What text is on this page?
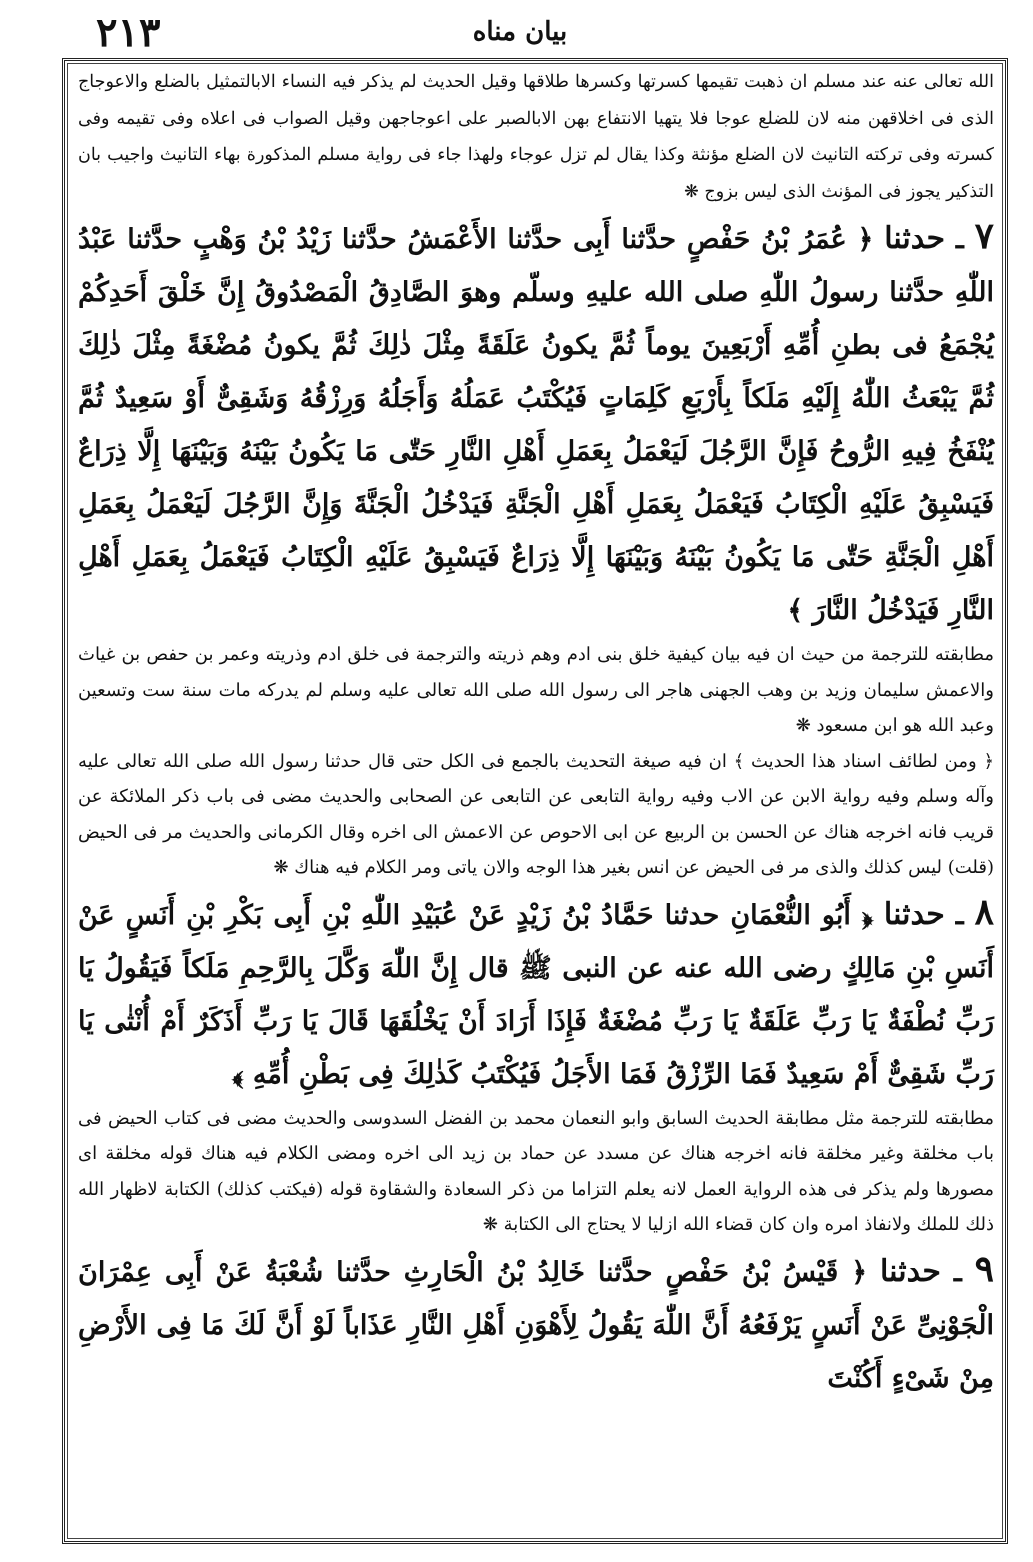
۲۱۳	بیان مناه

الله تعالى عنه عند مسلم ان ذهبت تقيمها كسرتها وكسرها طلاقها وقيل الحديث لم يذكر فيه النساء الابالتمثيل بالضلع والاعوجاج الذى فى اخلاقهن منه لان للضلع عوجا فلا يتهيا الانتفاع بهن الابالصبر على اعوجاجهن وقيل الصواب فى اعلاه وفى تقيمه وفى كسرته وفى تركته التانيث لان الضلع مؤنثة وكذا يقال لم تزل عوجاء ولهذا جاء فى رواية مسلم المذكورة بهاء التانيث واجيب بان التذكير يجوز فى المؤنث الذى ليس بزوج ❋

۷ ـ حدثنا ﴿ عُمَرُ بْنُ حَفْصٍ حدَّثنا أَبِى حدَّثنا الأَعْمَشُ حدَّثنا زَيْدُ بْنُ وَهْبٍ حدَّثنا عَبْدُ اللّٰهِ حدَّثنا رسولُ اللّٰهِ صلى الله عليهِ وسلّم وهوَ الصَّادِقُ الْمَصْدُوقُ إِنَّ خَلْقَ أَحَدِكُمْ يُجْمَعُ فى بطنِ أُمِّهِ أَرْبَعِينَ يوماً ثُمَّ يكونُ عَلَقَةً مِثْلَ ذٰلِكَ ثُمَّ يكونُ مُضْغَةً مِثْلَ ذٰلِكَ ثُمَّ يَبْعَثُ اللّٰهُ إِلَيْهِ مَلَكاً بِأَرْبَعِ كَلِمَاتٍ فَيُكْتَبُ عَمَلُهُ وَأَجَلُهُ وَرِزْقُهُ وَشَقِىٌّ أَوْ سَعِيدٌ ثُمَّ يُنْفَخُ فِيهِ الرُّوحُ فَإِنَّ الرَّجُلَ لَيَعْمَلُ بِعَمَلِ أَهْلِ النَّارِ حَتّٰى مَا يَكُونُ بَيْنَهُ وَبَيْنَهَا إِلَّا ذِرَاعٌ فَيَسْبِقُ عَلَيْهِ الْكِتَابُ فَيَعْمَلُ بِعَمَلِ أَهْلِ الْجَنَّةِ فَيَدْخُلُ الْجَنَّةَ وَإِنَّ الرَّجُلَ لَيَعْمَلُ بِعَمَلِ أَهْلِ الْجَنَّةِ حَتّٰى مَا يَكُونُ بَيْنَهُ وَبَيْنَهَا إِلَّا ذِرَاعٌ فَيَسْبِقُ عَلَيْهِ الْكِتَابُ فَيَعْمَلُ بِعَمَلِ أَهْلِ النَّارِ فَيَدْخُلُ النَّارَ ﴾

مطابقته للترجمة من حيث ان فيه بيان كيفية خلق بنى ادم وهم ذريته والترجمة فى خلق ادم وذريته وعمر بن حفص بن غياث والاعمش سليمان وزيد بن وهب الجهنى هاجر الى رسول الله صلى الله تعالى عليه وسلم لم يدركه مات سنة ست وتسعين وعبد الله هو ابن مسعود ❋

﴿ ومن لطائف اسناد هذا الحديث ﴾ ان فيه صيغة التحديث بالجمع فى الكل حتى قال حدثنا رسول الله صلى الله تعالى عليه وآله وسلم وفيه رواية الابن عن الاب وفيه رواية التابعى عن التابعى عن الصحابى والحديث مضى فى باب ذكر الملائكة عن قريب فانه اخرجه هناك عن الحسن بن الربيع عن ابى الاحوص عن الاعمش الى اخره وقال الكرمانى والحديث مر فى الحيض (قلت) ليس كذلك والذى مر فى الحيض عن انس بغير هذا الوجه والان ياتى ومر الكلام فيه هناك ❋

۸ ـ حدثنا ﴿ أَبُو النُّعْمَانِ حدثنا حَمَّادُ بْنُ زَيْدٍ عَنْ عُبَيْدِ اللّٰهِ بْنِ أَبِى بَكْرِ بْنِ أَنَسٍ عَنْ أَنَسِ بْنِ مَالِكٍ رضى الله عنه عن النبى ﷺ قال إِنَّ اللّٰهَ وَكَّلَ بِالرَّحِمِ مَلَكاً فَيَقُولُ يَا رَبِّ نُطْفَةٌ يَا رَبِّ عَلَقَةٌ يَا رَبِّ مُضْغَةٌ فَإِذَا أَرَادَ أَنْ يَخْلُقَهَا قَالَ يَا رَبِّ أَذَكَرٌ أَمْ أُنْثٰى يَا رَبِّ شَقِىٌّ أَمْ سَعِيدٌ فَمَا الرِّزْقُ فَمَا الأَجَلُ فَيُكْتَبُ كَذٰلِكَ فِى بَطْنِ أُمِّهِ ﴾

مطابقته للترجمة مثل مطابقة الحديث السابق وابو النعمان محمد بن الفضل السدوسى والحديث مضى فى كتاب الحيض فى باب مخلقة وغير مخلقة فانه اخرجه هناك عن مسدد عن حماد بن زيد الى اخره ومضى الكلام فيه هناك قوله مخلقة اى مصورها ولم يذكر فى هذه الرواية العمل لانه يعلم التزاما من ذكر السعادة والشقاوة قوله (فيكتب كذلك) الكتابة لاظهار الله ذلك للملك ولانفاذ امره وان كان قضاء الله ازليا لا يحتاج الى الكتابة ❋

۹ ـ حدثنا ﴿ قَيْسُ بْنُ حَفْصٍ حدَّثنا خَالِدُ بْنُ الْحَارِثِ حدَّثنا شُعْبَةُ عَنْ أَبِى عِمْرَانَ الْجَوْنِىِّ عَنْ أَنَسٍ يَرْفَعُهُ أَنَّ اللّٰهَ يَقُولُ لِأَهْوَنِ أَهْلِ النَّارِ عَذَاباً لَوْ أَنَّ لَكَ مَا فِى الأَرْضِ مِنْ شَىْءٍ أَكُنْتَ
